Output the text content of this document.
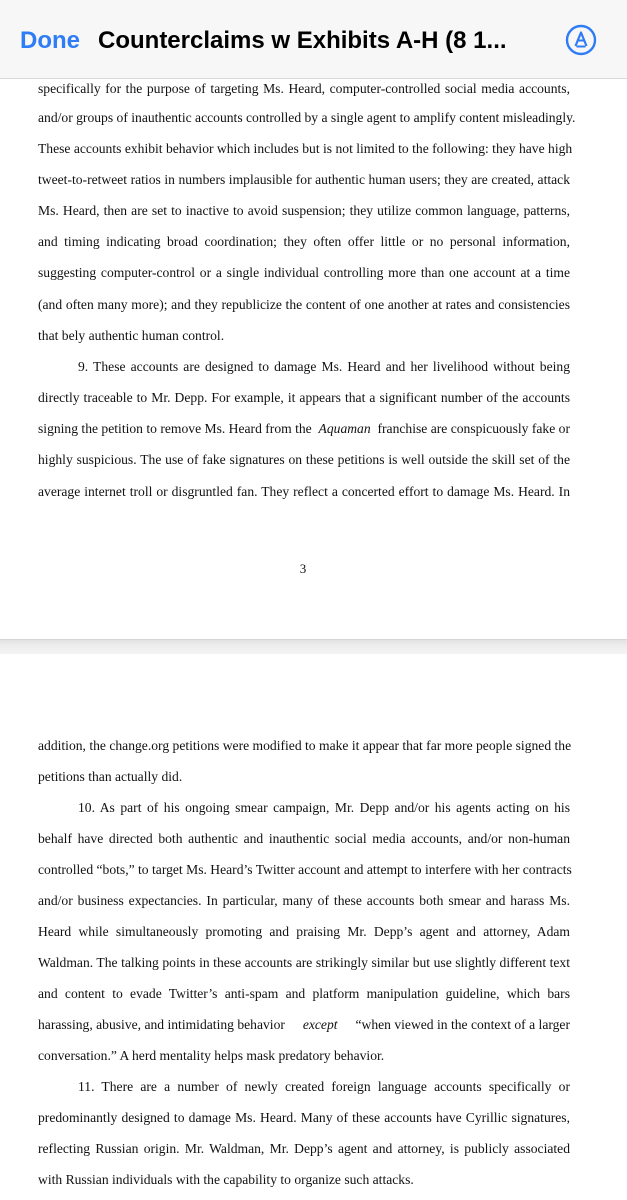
Done Counterclaims w Exhibits A-H (8 1...
specifically for the purpose of targeting Ms. Heard, computer-controlled social media accounts,
and/or groups of inauthentic accounts controlled by a single agent to amplify content misleadingly.
These accounts exhibit behavior which includes but is not limited to the following: they have high
tweet-to-retweet ratios in numbers implausible for authentic human users; they are created, attack
Ms. Heard, then are set to inactive to avoid suspension; they utilize common language, patterns,
and timing indicating broad coordination; they often offer little or no personal information,
suggesting computer-control or a single individual controlling more than one account at a time
(and often many more); and they republicize the content of one another at rates and consistencies
that bely authentic human control.
9. These accounts are designed to damage Ms. Heard and her livelihood without being
directly traceable to Mr. Depp. For example, it appears that a significant number of the accounts
signing the petition to remove Ms. Heard from the Aquaman franchise are conspicuously fake or
highly suspicious. The use of fake signatures on these petitions is well outside the skill set of the
average internet troll or disgruntled fan. They reflect a concerted effort to damage Ms. Heard. In
3
addition, the change.org petitions were modified to make it appear that far more people signed the
petitions than actually did.
10. As part of his ongoing smear campaign, Mr. Depp and/or his agents acting on his
behalf have directed both authentic and inauthentic social media accounts, and/or non-human
controlled “bots,” to target Ms. Heard’s Twitter account and attempt to interfere with her contracts
and/or business expectancies. In particular, many of these accounts both smear and harass Ms.
Heard while simultaneously promoting and praising Mr. Depp’s agent and attorney, Adam
Waldman. The talking points in these accounts are strikingly similar but use slightly different text
and content to evade Twitter’s anti-spam and platform manipulation guideline, which bars
harassing, abusive, and intimidating behavior except “when viewed in the context of a larger
conversation.” A herd mentality helps mask predatory behavior.
11. There are a number of newly created foreign language accounts specifically or
predominantly designed to damage Ms. Heard. Many of these accounts have Cyrillic signatures,
reflecting Russian origin. Mr. Waldman, Mr. Depp’s agent and attorney, is publicly associated
with Russian individuals with the capability to organize such attacks.
